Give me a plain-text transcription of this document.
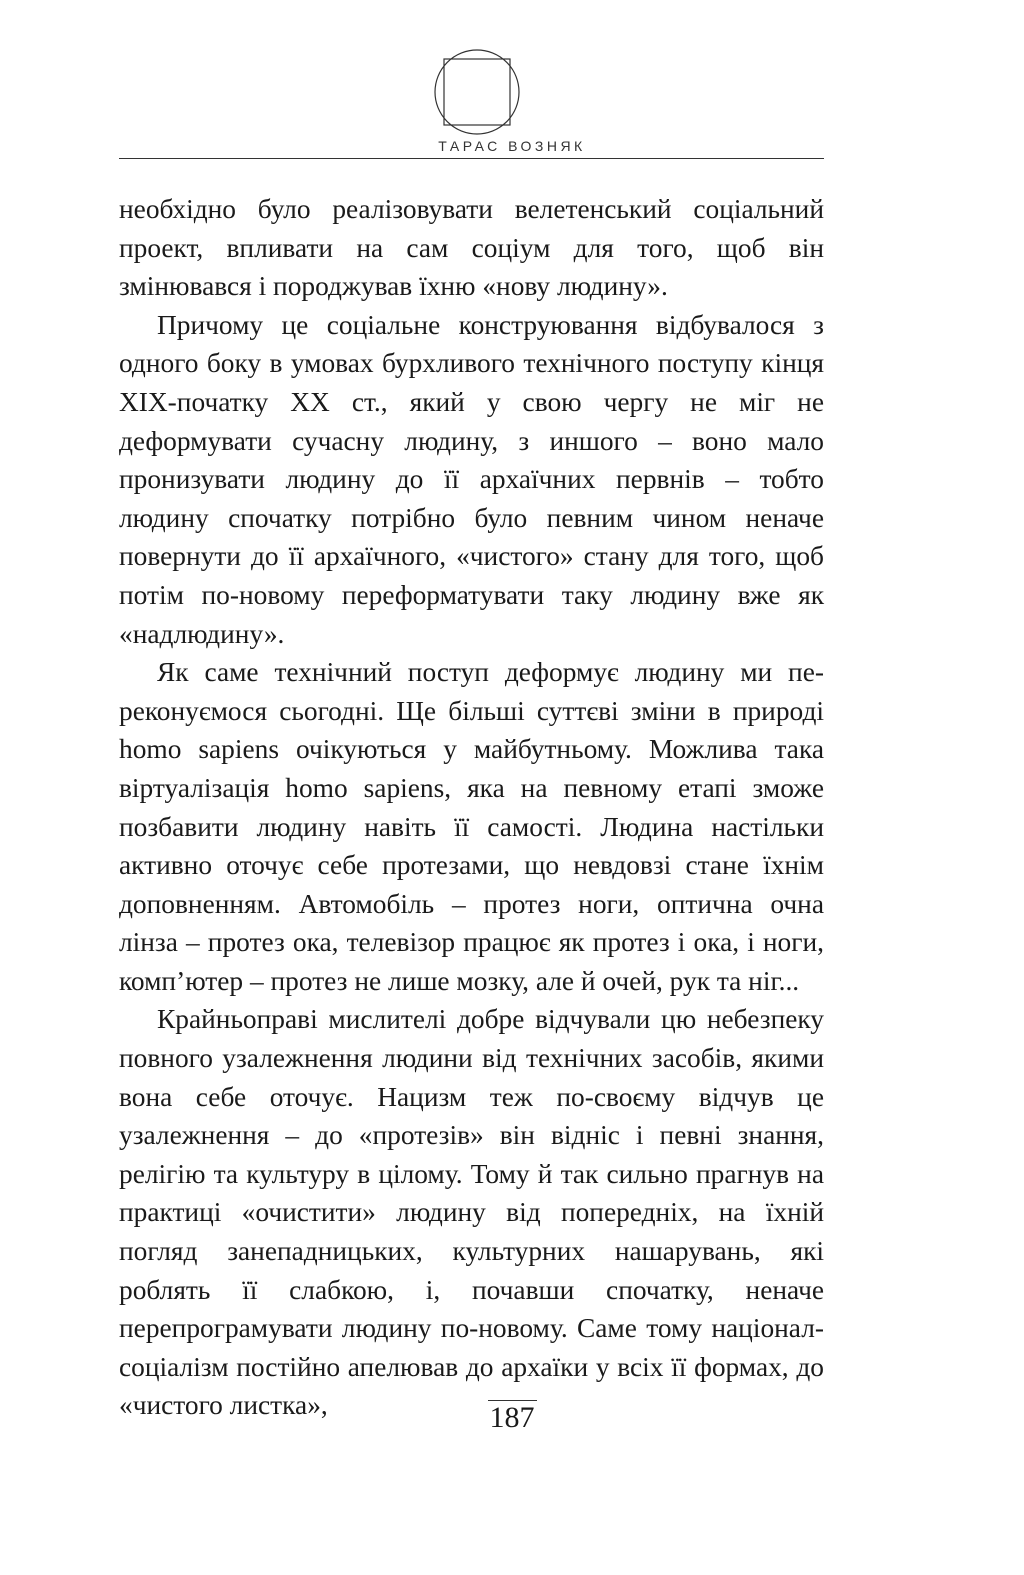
ТАРАС ВОЗНЯК

необхідно було реалізовувати велетенський соціальний проект, впливати на сам соціум для того, щоб він змінювався і породжував їхню «нову людину».

Причому це соціальне конструювання відбувалося з одного боку в умовах бурхливого технічного поступу кінця XIX-початку XX ст., який у свою чергу не міг не деформувати сучасну людину, з иншого – воно мало пронизувати людину до її архаїчних первнів – тобто людину спочатку потрібно було певним чином неначе повернути до її архаїчного, «чистого» стану для того, щоб потім по-новому переформатувати таку людину вже як «надлюдину».

Як саме технічний поступ деформує людину ми переконуємося сьогодні. Ще більші суттєві зміни в природі homo sapiens очікуються у майбутньому. Можлива така віртуалізація homo sapiens, яка на певному етапі зможе позбавити людину навіть її самості. Людина настільки активно оточує себе протезами, що невдовзі стане їхнім доповненням. Автомобіль – протез ноги, оптична очна лінза – протез ока, телевізор працює як протез і ока, і ноги, комп’ютер – протез не лише мозку, але й очей, рук та ніг...

Крайньоправі мислителі добре відчували цю небезпеку повного узалежнення людини від технічних засобів, якими вона себе оточує. Нацизм теж по-своєму відчув це узалежнення – до «протезів» він відніс і певні знання, релігію та культуру в цілому. Тому й так сильно прагнув на практиці «очистити» людину від попередніх, на їхній погляд занепадницьких, культурних нашарувань, які роблять її слабкою, і, почавши спочатку, неначе перепрограмувати людину по-новому. Саме тому націонал-соціалізм постійно апелював до архаїки у всіх її формах, до «чистого листка»,	187
